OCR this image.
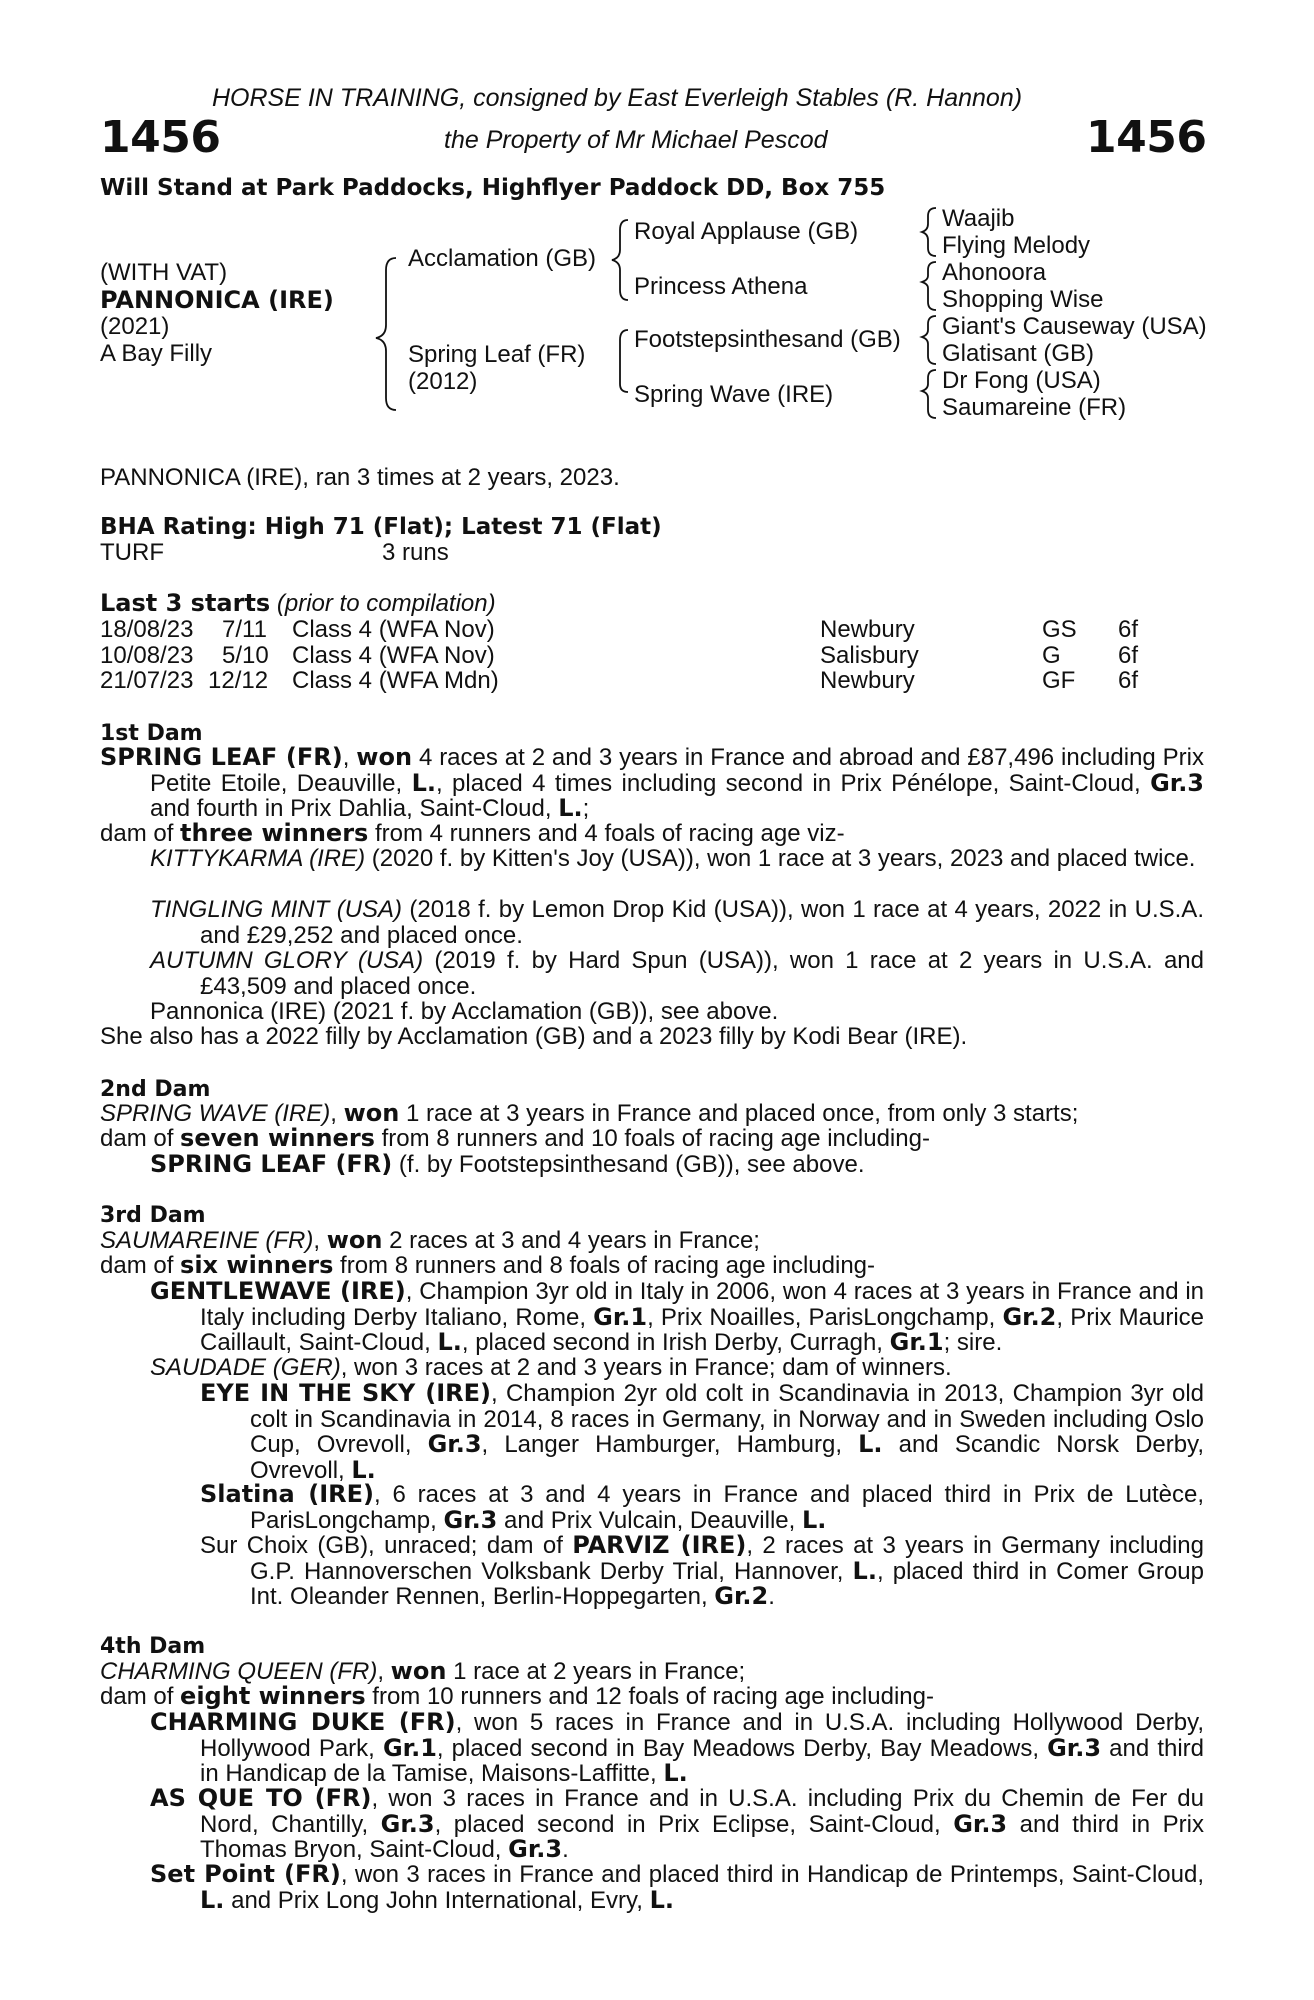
HORSE IN TRAINING, consigned by East Everleigh Stables (R. Hannon)
1456	the Property of Mr Michael Pescod	1456
Will Stand at Park Paddocks, Highflyer Paddock DD, Box 755
(WITH VAT)
PANNONICA (IRE)
(2021)
A Bay Filly
Acclamation (GB)
Spring Leaf (FR)
(2012)
Royal Applause (GB)
Princess Athena
Footstepsinthesand (GB)
Spring Wave (IRE)
Waajib
Flying Melody
Ahonoora
Shopping Wise
Giant's Causeway (USA)
Glatisant (GB)
Dr Fong (USA)
Saumareine (FR)
PANNONICA (IRE), ran 3 times at 2 years, 2023.
BHA Rating: High 71 (Flat); Latest 71 (Flat)
TURF	3 runs
Last 3 starts (prior to compilation)
18/08/23 7/11 Class 4 (WFA Nov)	Newbury	GS 6f
10/08/23 5/10 Class 4 (WFA Nov)	Salisbury	G 6f
21/07/23 12/12 Class 4 (WFA Mdn)	Newbury	GF 6f
1st Dam
SPRING LEAF (FR), won 4 races at 2 and 3 years in France and abroad and £87,496 including Prix Petite Etoile, Deauville, L., placed 4 times including second in Prix Pénélope, Saint-Cloud, Gr.3 and fourth in Prix Dahlia, Saint-Cloud, L.;
dam of three winners from 4 runners and 4 foals of racing age viz-
KITTYKARMA (IRE) (2020 f. by Kitten's Joy (USA)), won 1 race at 3 years, 2023 and placed twice.
TINGLING MINT (USA) (2018 f. by Lemon Drop Kid (USA)), won 1 race at 4 years, 2022 in U.S.A. and £29,252 and placed once.
AUTUMN GLORY (USA) (2019 f. by Hard Spun (USA)), won 1 race at 2 years in U.S.A. and £43,509 and placed once.
Pannonica (IRE) (2021 f. by Acclamation (GB)), see above.
She also has a 2022 filly by Acclamation (GB) and a 2023 filly by Kodi Bear (IRE).
2nd Dam
SPRING WAVE (IRE), won 1 race at 3 years in France and placed once, from only 3 starts;
dam of seven winners from 8 runners and 10 foals of racing age including-
SPRING LEAF (FR) (f. by Footstepsinthesand (GB)), see above.
3rd Dam
SAUMAREINE (FR), won 2 races at 3 and 4 years in France;
dam of six winners from 8 runners and 8 foals of racing age including-
GENTLEWAVE (IRE), Champion 3yr old in Italy in 2006, won 4 races at 3 years in France and in Italy including Derby Italiano, Rome, Gr.1, Prix Noailles, ParisLongchamp, Gr.2, Prix Maurice Caillault, Saint-Cloud, L., placed second in Irish Derby, Curragh, Gr.1; sire.
SAUDADE (GER), won 3 races at 2 and 3 years in France; dam of winners.
EYE IN THE SKY (IRE), Champion 2yr old colt in Scandinavia in 2013, Champion 3yr old colt in Scandinavia in 2014, 8 races in Germany, in Norway and in Sweden including Oslo Cup, Ovrevoll, Gr.3, Langer Hamburger, Hamburg, L. and Scandic Norsk Derby, Ovrevoll, L.
Slatina (IRE), 6 races at 3 and 4 years in France and placed third in Prix de Lutèce, ParisLongchamp, Gr.3 and Prix Vulcain, Deauville, L.
Sur Choix (GB), unraced; dam of PARVIZ (IRE), 2 races at 3 years in Germany including G.P. Hannoverschen Volksbank Derby Trial, Hannover, L., placed third in Comer Group Int. Oleander Rennen, Berlin-Hoppegarten, Gr.2.
4th Dam
CHARMING QUEEN (FR), won 1 race at 2 years in France;
dam of eight winners from 10 runners and 12 foals of racing age including-
CHARMING DUKE (FR), won 5 races in France and in U.S.A. including Hollywood Derby, Hollywood Park, Gr.1, placed second in Bay Meadows Derby, Bay Meadows, Gr.3 and third in Handicap de la Tamise, Maisons-Laffitte, L.
AS QUE TO (FR), won 3 races in France and in U.S.A. including Prix du Chemin de Fer du Nord, Chantilly, Gr.3, placed second in Prix Eclipse, Saint-Cloud, Gr.3 and third in Prix Thomas Bryon, Saint-Cloud, Gr.3.
Set Point (FR), won 3 races in France and placed third in Handicap de Printemps, Saint-Cloud, L. and Prix Long John International, Evry, L.
